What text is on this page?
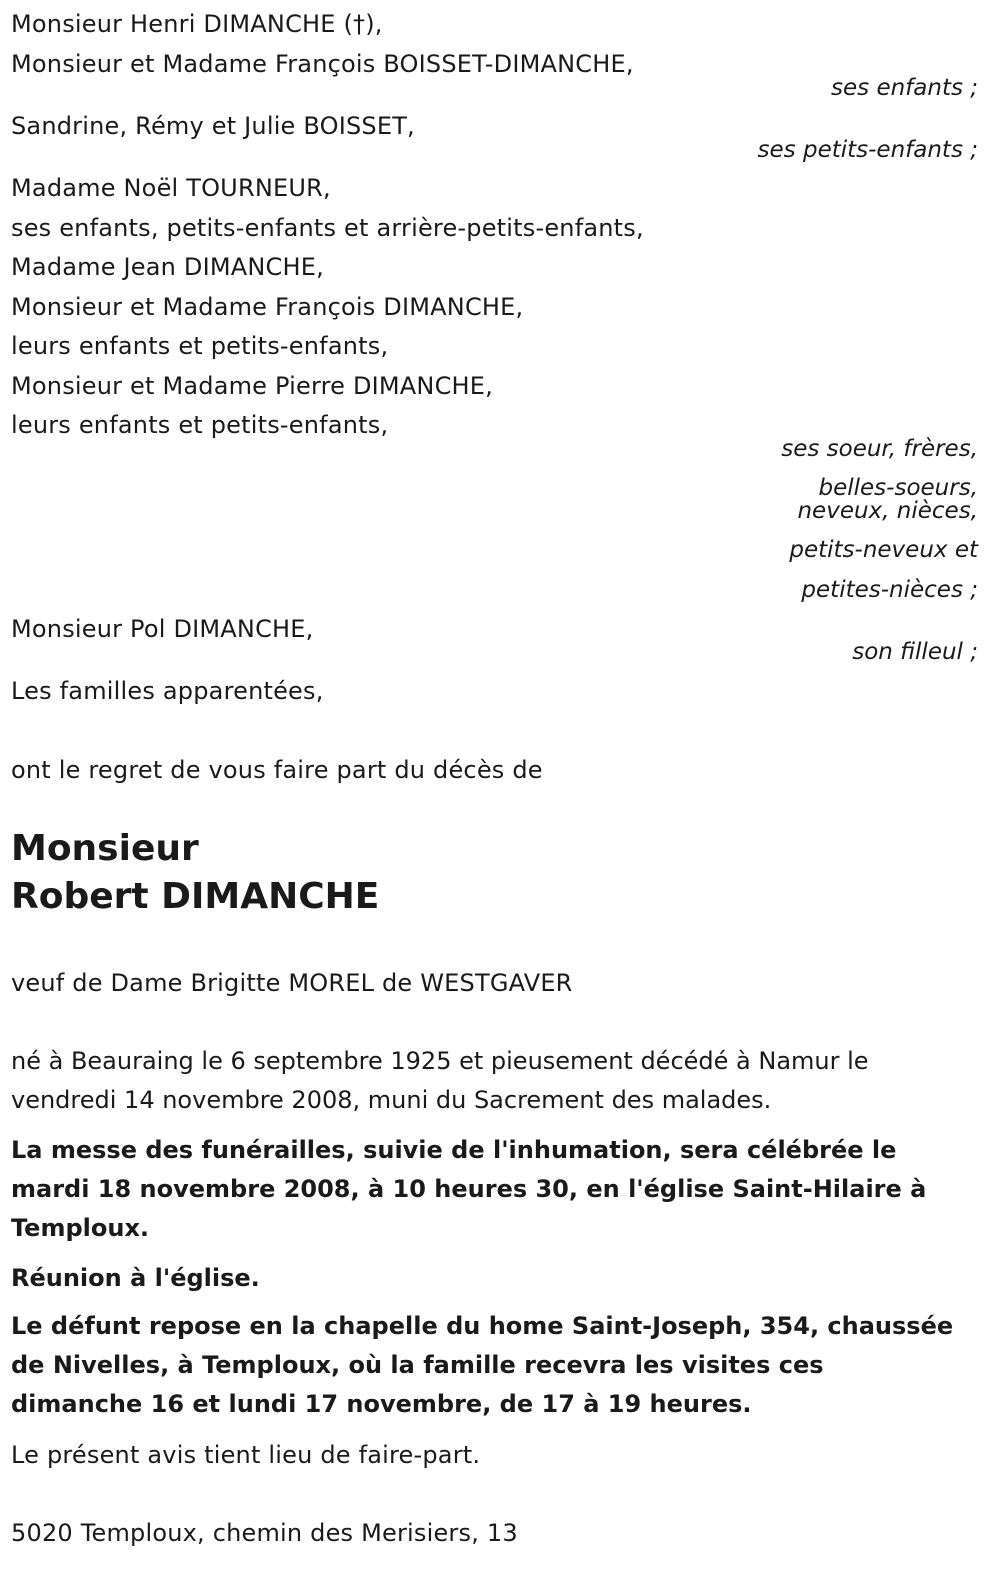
Monsieur Henri DIMANCHE (†),

Monsieur et Madame François BOISSET-DIMANCHE,

ses enfants ;

Sandrine, Rémy et Julie BOISSET,

ses petits-enfants ;

Madame Noël TOURNEUR,

ses enfants, petits-enfants et arrière-petits-enfants,

Madame Jean DIMANCHE,

Monsieur et Madame François DIMANCHE,

leurs enfants et petits-enfants,

Monsieur et Madame Pierre DIMANCHE,

leurs enfants et petits-enfants,

ses soeur, frères,

belles-soeurs,

neveux, nièces,

petits-neveux et

petites-nièces ;

Monsieur Pol DIMANCHE,

son filleul ;

Les familles apparentées,

ont le regret de vous faire part du décès de

Monsieur

Robert DIMANCHE

veuf de Dame Brigitte MOREL de WESTGAVER

né à Beauraing le 6 septembre 1925 et pieusement décédé à Namur le vendredi 14 novembre 2008, muni du Sacrement des malades.

La messe des funérailles, suivie de l'inhumation, sera célébrée le mardi 18 novembre 2008, à 10 heures 30, en l'église Saint-Hilaire à Temploux.

Réunion à l'église.

Le défunt repose en la chapelle du home Saint-Joseph, 354, chaussée de Nivelles, à Temploux, où la famille recevra les visites ces dimanche 16 et lundi 17 novembre, de 17 à 19 heures.

Le présent avis tient lieu de faire-part.

5020 Temploux, chemin des Merisiers, 13
